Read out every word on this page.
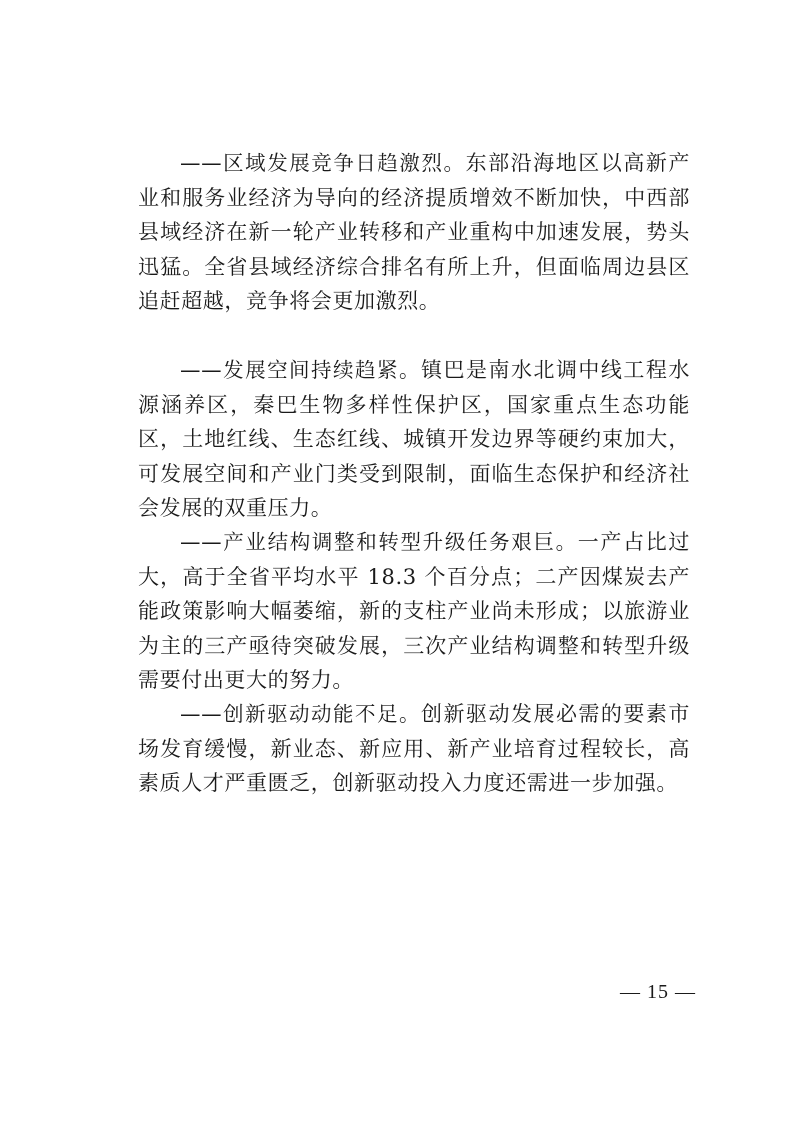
——区域发展竞争日趋激烈。东部沿海地区以高新产业和服务业经济为导向的经济提质增效不断加快，中西部县域经济在新一轮产业转移和产业重构中加速发展，势头迅猛。全省县域经济综合排名有所上升，但面临周边县区追赶超越，竞争将会更加激烈。

——发展空间持续趋紧。镇巴是南水北调中线工程水源涵养区，秦巴生物多样性保护区，国家重点生态功能区，土地红线、生态红线、城镇开发边界等硬约束加大，可发展空间和产业门类受到限制，面临生态保护和经济社会发展的双重压力。

——产业结构调整和转型升级任务艰巨。一产占比过大，高于全省平均水平 18.3 个百分点；二产因煤炭去产能政策影响大幅萎缩，新的支柱产业尚未形成；以旅游业为主的三产亟待突破发展，三次产业结构调整和转型升级需要付出更大的努力。

——创新驱动动能不足。创新驱动发展必需的要素市场发育缓慢，新业态、新应用、新产业培育过程较长，高素质人才严重匮乏，创新驱动投入力度还需进一步加强。

— 15 —
